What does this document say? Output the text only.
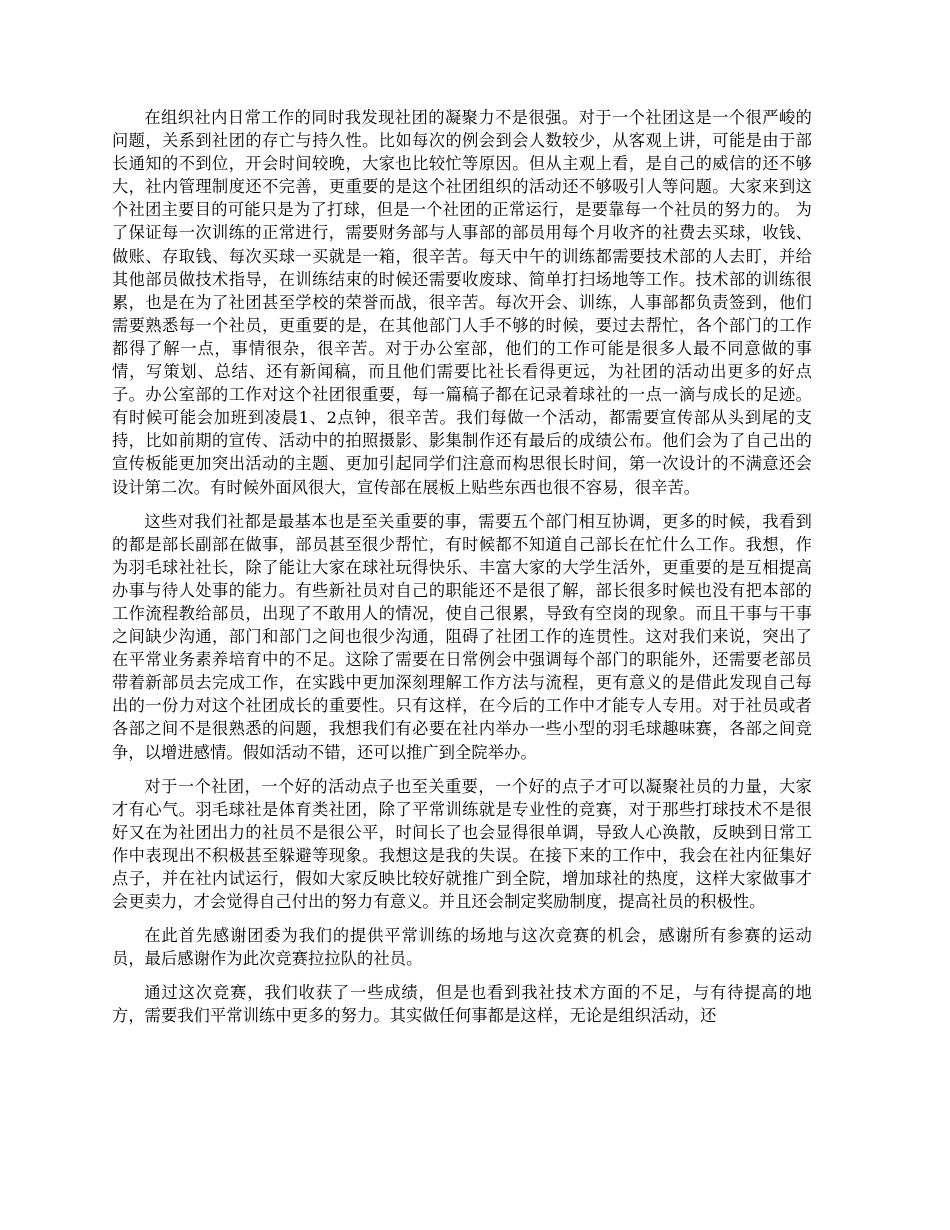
在组织社内日常工作的同时我发现社团的凝聚力不是很强。对于一个社团这是一个很严峻的问题，关系到社团的存亡与持久性。比如每次的例会到会人数较少，从客观上讲，可能是由于部长通知的不到位，开会时间较晚，大家也比较忙等原因。但从主观上看，是自己的威信的还不够大，社内管理制度还不完善，更重要的是这个社团组织的活动还不够吸引人等问题。大家来到这个社团主要目的可能只是为了打球，但是一个社团的正常运行，是要靠每一个社员的努力的。 为了保证每一次训练的正常进行，需要财务部与人事部的部员用每个月收齐的社费去买球，收钱、做账、存取钱、每次买球一买就是一箱，很辛苦。每天中午的训练都需要技术部的人去盯，并给其他部员做技术指导，在训练结束的时候还需要收废球、简单打扫场地等工作。技术部的训练很累，也是在为了社团甚至学校的荣誉而战，很辛苦。每次开会、训练，人事部都负责签到，他们需要熟悉每一个社员，更重要的是，在其他部门人手不够的时候，要过去帮忙，各个部门的工作都得了解一点，事情很杂，很辛苦。对于办公室部，他们的工作可能是很多人最不同意做的事情，写策划、总结、还有新闻稿，而且他们需要比社长看得更远，为社团的活动出更多的好点子。办公室部的工作对这个社团很重要，每一篇稿子都在记录着球社的一点一滴与成长的足迹。有时候可能会加班到凌晨1、2点钟，很辛苦。我们每做一个活动，都需要宣传部从头到尾的支持，比如前期的宣传、活动中的拍照摄影、影集制作还有最后的成绩公布。他们会为了自己出的宣传板能更加突出活动的主题、更加引起同学们注意而构思很长时间，第一次设计的不满意还会设计第二次。有时候外面风很大，宣传部在展板上贴些东西也很不容易，很辛苦。

这些对我们社都是最基本也是至关重要的事，需要五个部门相互协调，更多的时候，我看到的都是部长副部在做事，部员甚至很少帮忙，有时候都不知道自己部长在忙什么工作。我想，作为羽毛球社社长，除了能让大家在球社玩得快乐、丰富大家的大学生活外，更重要的是互相提高办事与待人处事的能力。有些新社员对自己的职能还不是很了解，部长很多时候也没有把本部的工作流程教给部员，出现了不敢用人的情况，使自己很累，导致有空岗的现象。而且干事与干事之间缺少沟通，部门和部门之间也很少沟通，阻碍了社团工作的连贯性。这对我们来说，突出了在平常业务素养培育中的不足。这除了需要在日常例会中强调每个部门的职能外，还需要老部员带着新部员去完成工作，在实践中更加深刻理解工作方法与流程，更有意义的是借此发现自己每出的一份力对这个社团成长的重要性。只有这样，在今后的工作中才能专人专用。对于社员或者各部之间不是很熟悉的问题，我想我们有必要在社内举办一些小型的羽毛球趣味赛，各部之间竞争，以增进感情。假如活动不错，还可以推广到全院举办。

对于一个社团，一个好的活动点子也至关重要，一个好的点子才可以凝聚社员的力量，大家才有心气。羽毛球社是体育类社团，除了平常训练就是专业性的竞赛，对于那些打球技术不是很好又在为社团出力的社员不是很公平，时间长了也会显得很单调，导致人心涣散，反映到日常工作中表现出不积极甚至躲避等现象。我想这是我的失误。在接下来的工作中，我会在社内征集好点子，并在社内试运行，假如大家反映比较好就推广到全院，增加球社的热度，这样大家做事才会更卖力，才会觉得自己付出的努力有意义。并且还会制定奖励制度，提高社员的积极性。

在此首先感谢团委为我们的提供平常训练的场地与这次竞赛的机会，感谢所有参赛的运动员，最后感谢作为此次竞赛拉拉队的社员。

通过这次竞赛，我们收获了一些成绩，但是也看到我社技术方面的不足，与有待提高的地方，需要我们平常训练中更多的努力。其实做任何事都是这样，无论是组织活动，还
